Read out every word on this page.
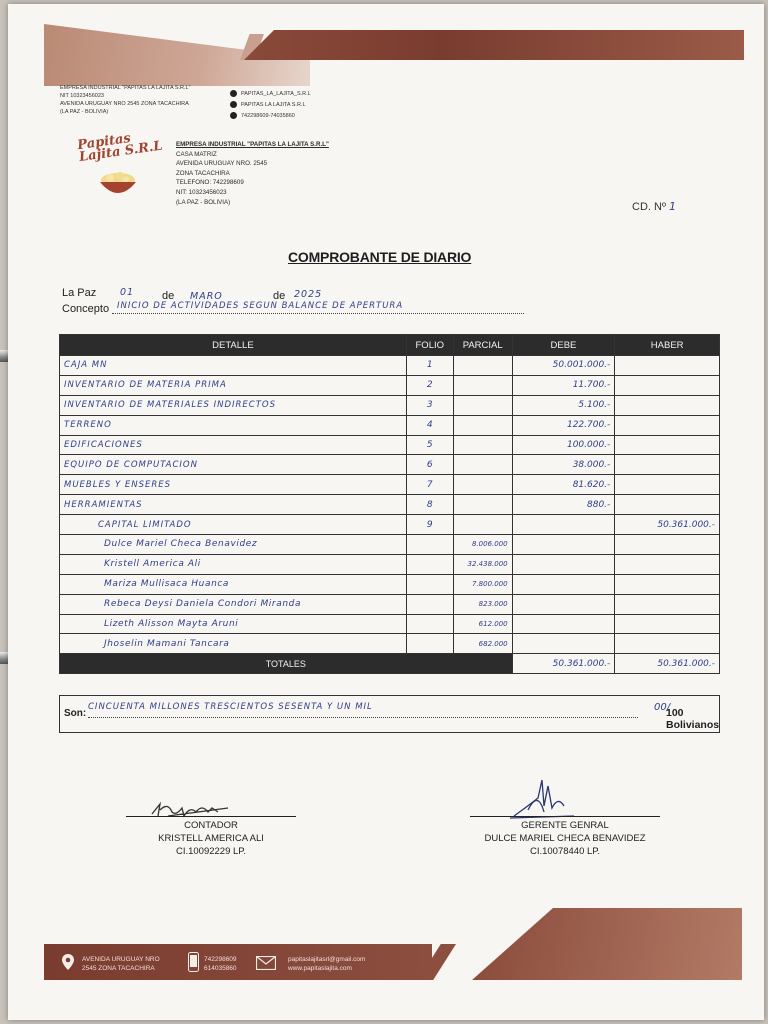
EMPRESA INDUSTRIAL "PAPITAS LA LAJITA S.R.L"
NIT 10323456023
AVENIDA URUGUAY NRO 2545 ZONA TACACHIRA
(LA PAZ - BOLIVIA)
PAPITAS_LA_LAJITA_S.R.L
PAPITAS LA LAJITA S.R.L
742298609-74035860
Papitas Lajita S.R.L	EMPRESA INDUSTRIAL "PAPITAS LA LAJITA S.R.L"
CASA MATRIZ
AVENIDA URUGUAY NRO. 2545
ZONA TACACHIRA
TELEFONO: 742298609
NIT: 10323456023
(LA PAZ - BOLIVIA)	CD. Nº 1
COMPROBANTE DE DIARIO
La Paz	01	de MARO	de 2025
Concepto INICIO DE ACTIVIDADES SEGUN BALANCE DE APERTURA
DETALLE	FOLIO	PARCIAL	DEBE	HABER
CAJA MN	1		50.001.000.-	
INVENTARIO DE MATERIA PRIMA	2		11.700.-	
INVENTARIO DE MATERIALES INDIRECTOS	3		5.100.-	
TERRENO	4		122.700.-	
EDIFICACIONES	5		100.000.-	
EQUIPO DE COMPUTACION	6		38.000.-	
MUEBLES Y ENSERES	7		81.620.-	
HERRAMIENTAS	8		880.-	
CAPITAL LIMITADO	9			50.361.000.-
Dulce Mariel Checa Benavidez		8.006.000		
Kristell America Ali		32.438.000		
Mariza Mullisaca Huanca		7.800.000		
Rebeca Deysi Daniela Condori Miranda		823.000		
Lizeth Alisson Mayta Aruni		612.000		
Jhoselin Mamani Tancara		682.000		
TOTALES			50.361.000.-	50.361.000.-
Son:
CINCUENTA MILLONES TRESCIENTOS SESENTA Y UN MIL	00/
100 Bolivianos
CONTADOR
KRISTELL AMERICA ALI
CI.10092229 LP.
GERENTE GENRAL
DULCE MARIEL CHECA BENAVIDEZ
CI.10078440 LP.
AVENIDA URUGUAY NRO
2545 ZONA TACACHIRA
742298609
614035860
papitaslajitasrl@gmail.com
www.papitaslajita.com
